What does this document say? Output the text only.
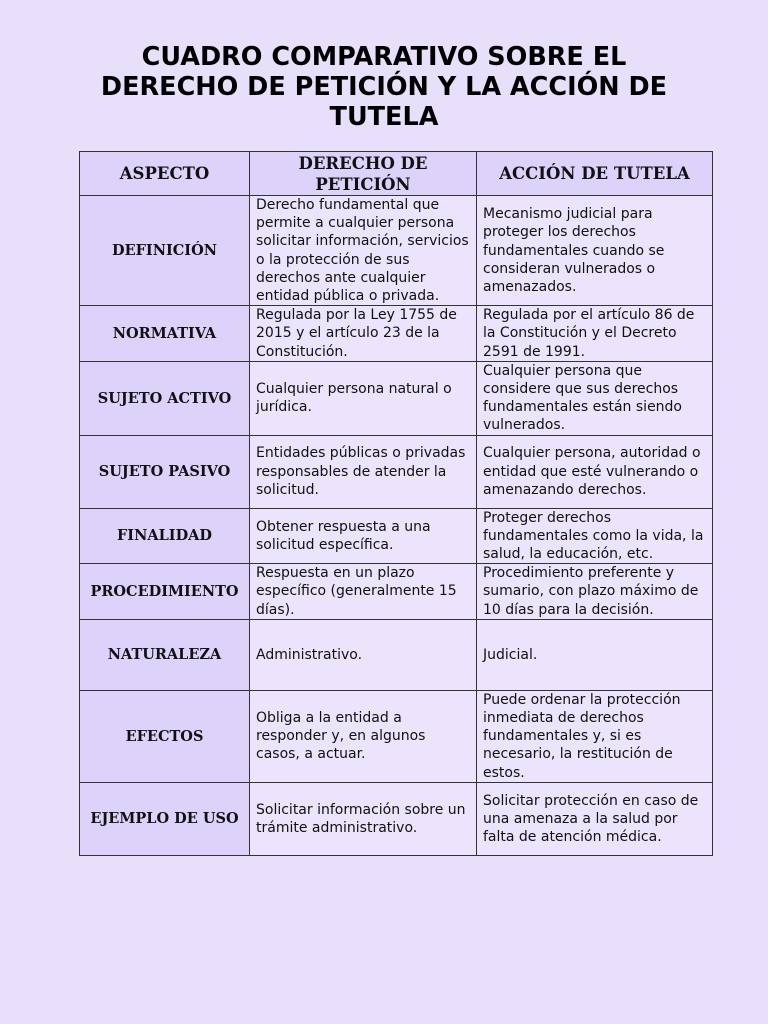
CUADRO COMPARATIVO SOBRE EL DERECHO DE PETICIÓN Y LA ACCIÓN DE TUTELA
ASPECTO	DERECHO DE PETICIÓN	ACCIÓN DE TUTELA
DEFINICIÓN	Derecho fundamental que permite a cualquier persona solicitar información, servicios o la protección de sus derechos ante cualquier entidad pública o privada.	Mecanismo judicial para proteger los derechos fundamentales cuando se consideran vulnerados o amenazados.
NORMATIVA	Regulada por la Ley 1755 de 2015 y el artículo 23 de la Constitución.	Regulada por el artículo 86 de la Constitución y el Decreto 2591 de 1991.
SUJETO ACTIVO	Cualquier persona natural o jurídica.	Cualquier persona que considere que sus derechos fundamentales están siendo vulnerados.
SUJETO PASIVO	Entidades públicas o privadas responsables de atender la solicitud.	Cualquier persona, autoridad o entidad que esté vulnerando o amenazando derechos.
FINALIDAD	Obtener respuesta a una solicitud específica.	Proteger derechos fundamentales como la vida, la salud, la educación, etc.
PROCEDIMIENTO	Respuesta en un plazo específico (generalmente 15 días).	Procedimiento preferente y sumario, con plazo máximo de 10 días para la decisión.
NATURALEZA	Administrativo.	Judicial.
EFECTOS	Obliga a la entidad a responder y, en algunos casos, a actuar.	Puede ordenar la protección inmediata de derechos fundamentales y, si es necesario, la restitución de estos.
EJEMPLO DE USO	Solicitar información sobre un trámite administrativo.	Solicitar protección en caso de una amenaza a la salud por falta de atención médica.
